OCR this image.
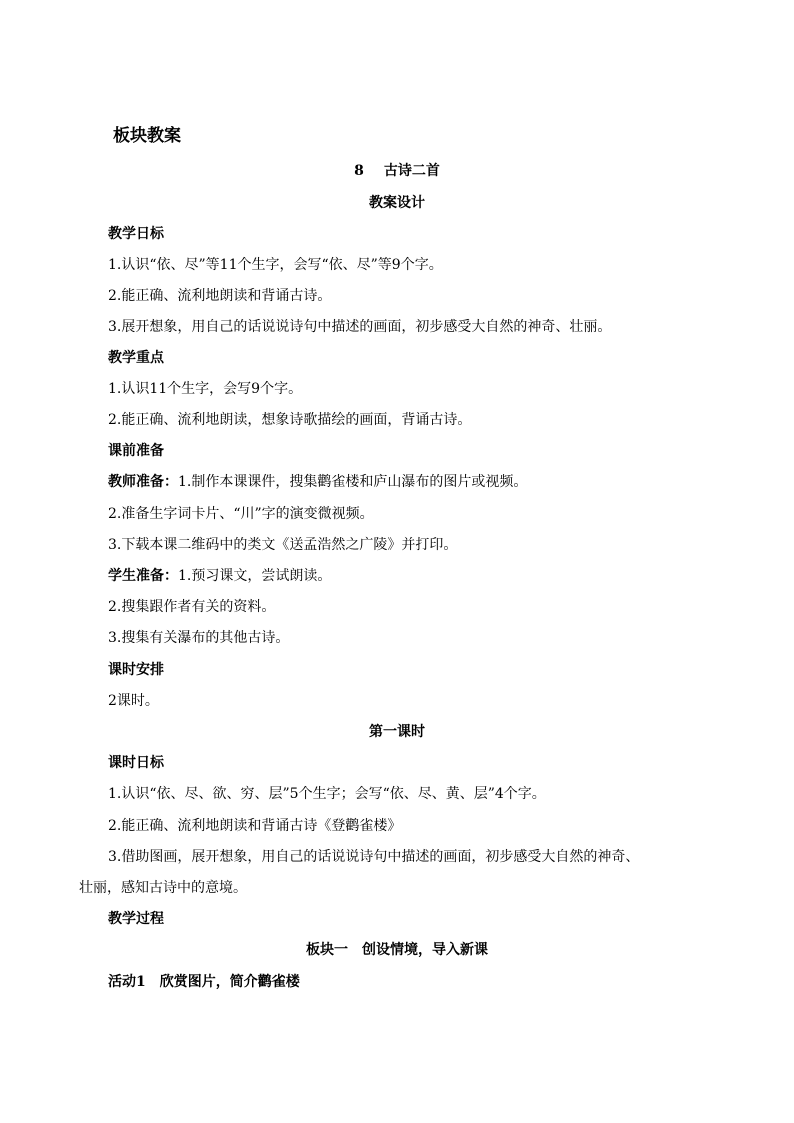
板块教案
8 古诗二首
教案设计
教学日标
1.认识“依、尽”等11个生字，会写“依、尽”等9个字。
2.能正确、流利地朗读和背诵古诗。
3.展开想象，用自己的话说说诗句中描述的画面，初步感受大自然的神奇、壮丽。
教学重点
1.认识11个生字，会写9个字。
2.能正确、流利地朗读，想象诗歌描绘的画面，背诵古诗。
课前准备
教师准备：1.制作本课课件，搜集鹳雀楼和庐山瀑布的图片或视频。
2.准备生字词卡片、“川”字的演变微视频。
3.下载本课二维码中的类文《送孟浩然之广陵》并打印。
学生准备：1.预习课文，尝试朗读。
2.搜集跟作者有关的资料。
3.搜集有关瀑布的其他古诗。
课时安排
2课时。
第一课时
课时日标
1.认识“依、尽、欲、穷、层”5个生字；会写“依、尽、黄、层”4个字。
2.能正确、流利地朗读和背诵古诗《登鹳雀楼》
3.借助图画，展开想象，用自己的话说说诗句中描述的画面，初步感受大自然的神奇、
壮丽，感知古诗中的意境。
教学过程
板块一　创设情境，导入新课
活动1　欣赏图片，简介鹳雀楼
